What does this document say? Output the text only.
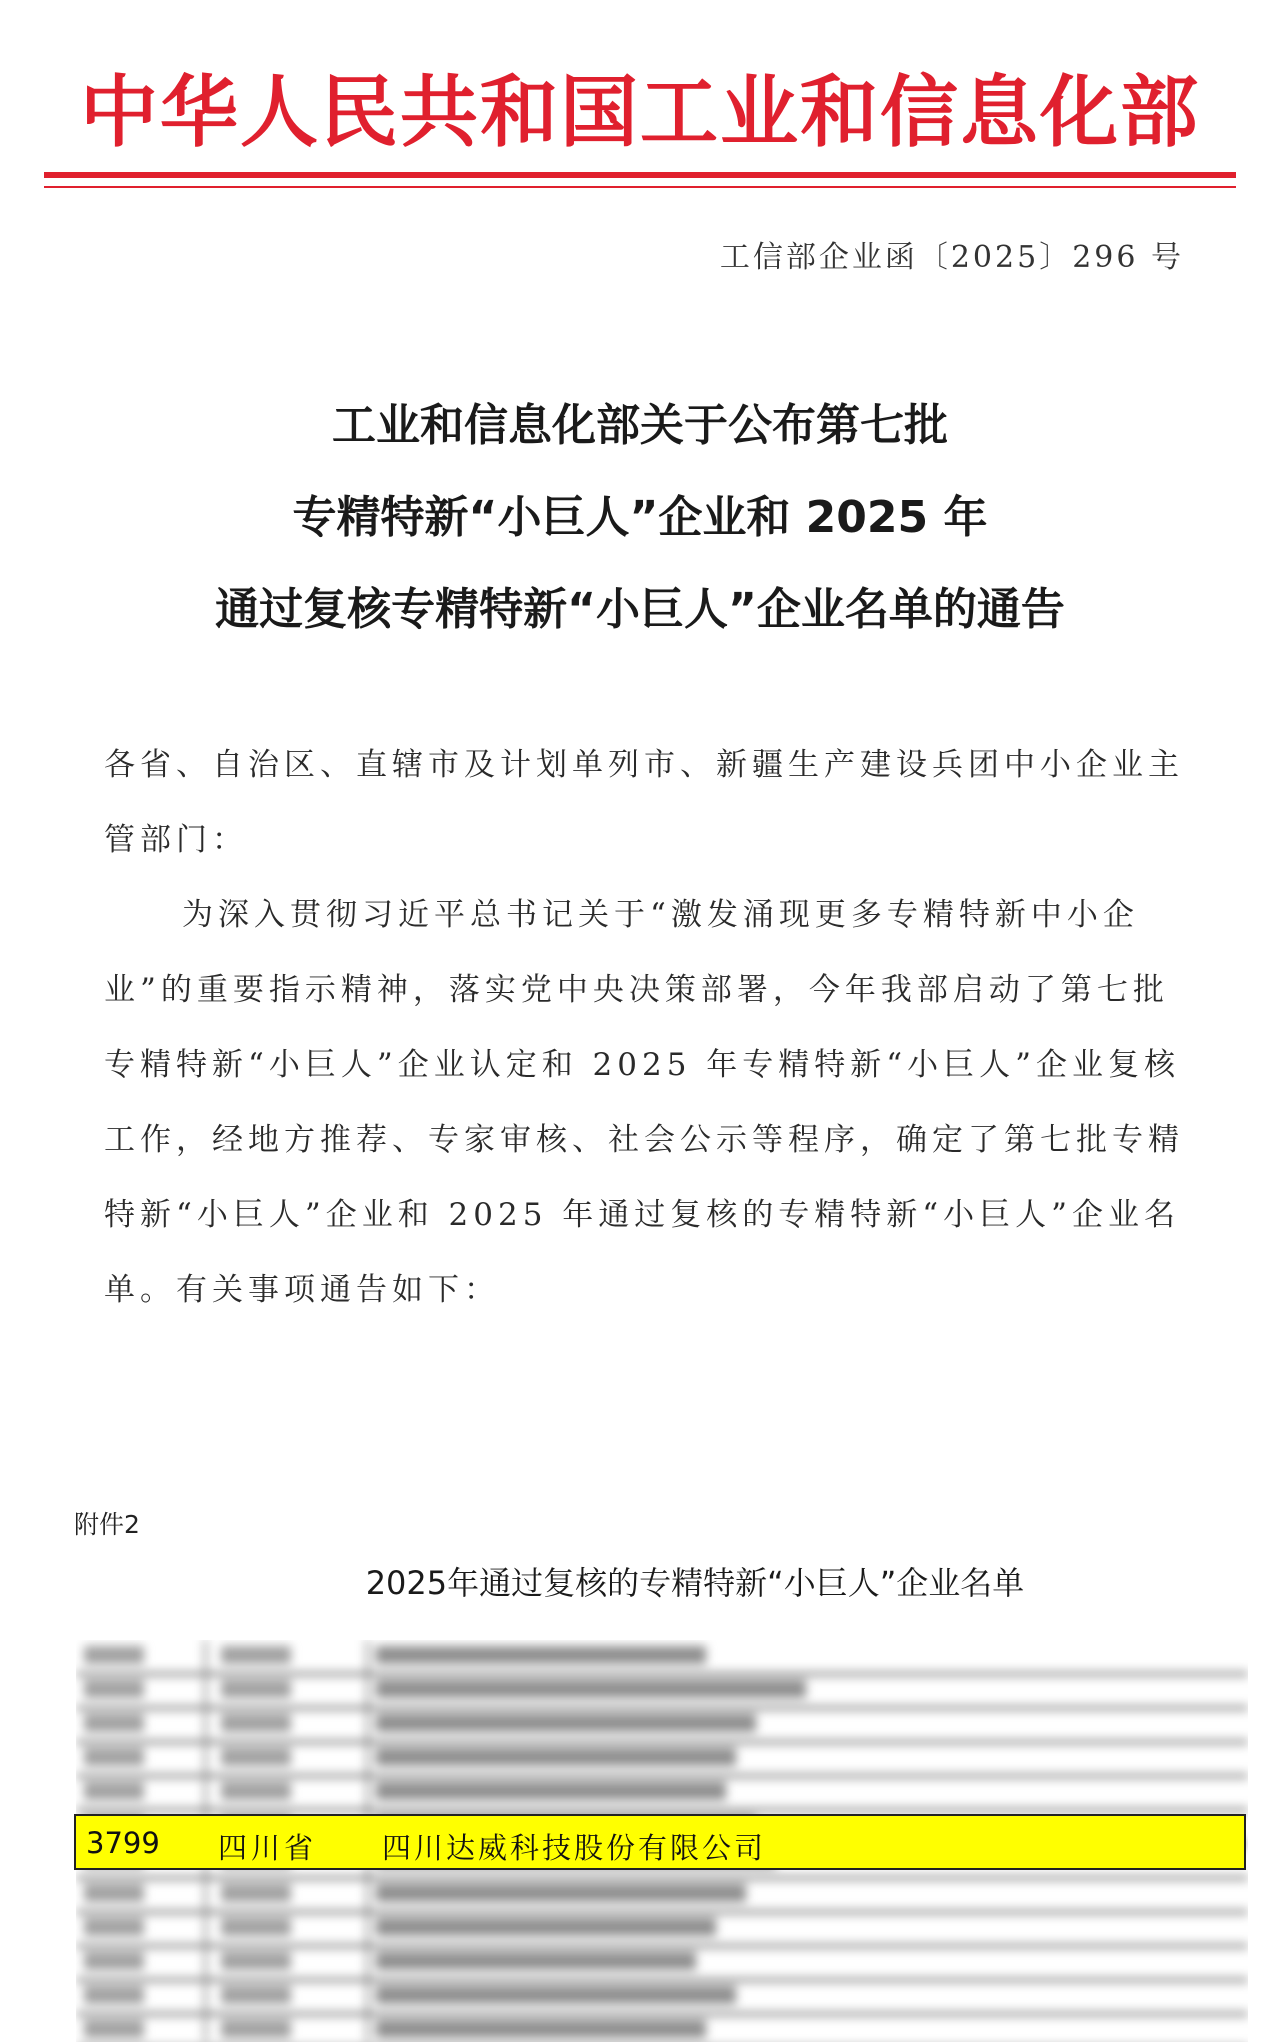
中华人民共和国工业和信息化部
工信部企业函〔2025〕296 号
工业和信息化部关于公布第七批
专精特新“小巨人”企业和 2025 年
通过复核专精特新“小巨人”企业名单的通告

各省、自治区、直辖市及计划单列市、新疆生产建设兵团中小企业主管部门：

为深入贯彻习近平总书记关于“激发涌现更多专精特新中小企业”的重要指示精神，落实党中央决策部署，今年我部启动了第七批专精特新“小巨人”企业认定和 2025 年专精特新“小巨人”企业复核工作，经地方推荐、专家审核、社会公示等程序，确定了第七批专精特新“小巨人”企业和 2025 年通过复核的专精特新“小巨人”企业名单。有关事项通告如下：

附件2
2025年通过复核的专精特新“小巨人”企业名单
3799 四川省 四川达威科技股份有限公司
